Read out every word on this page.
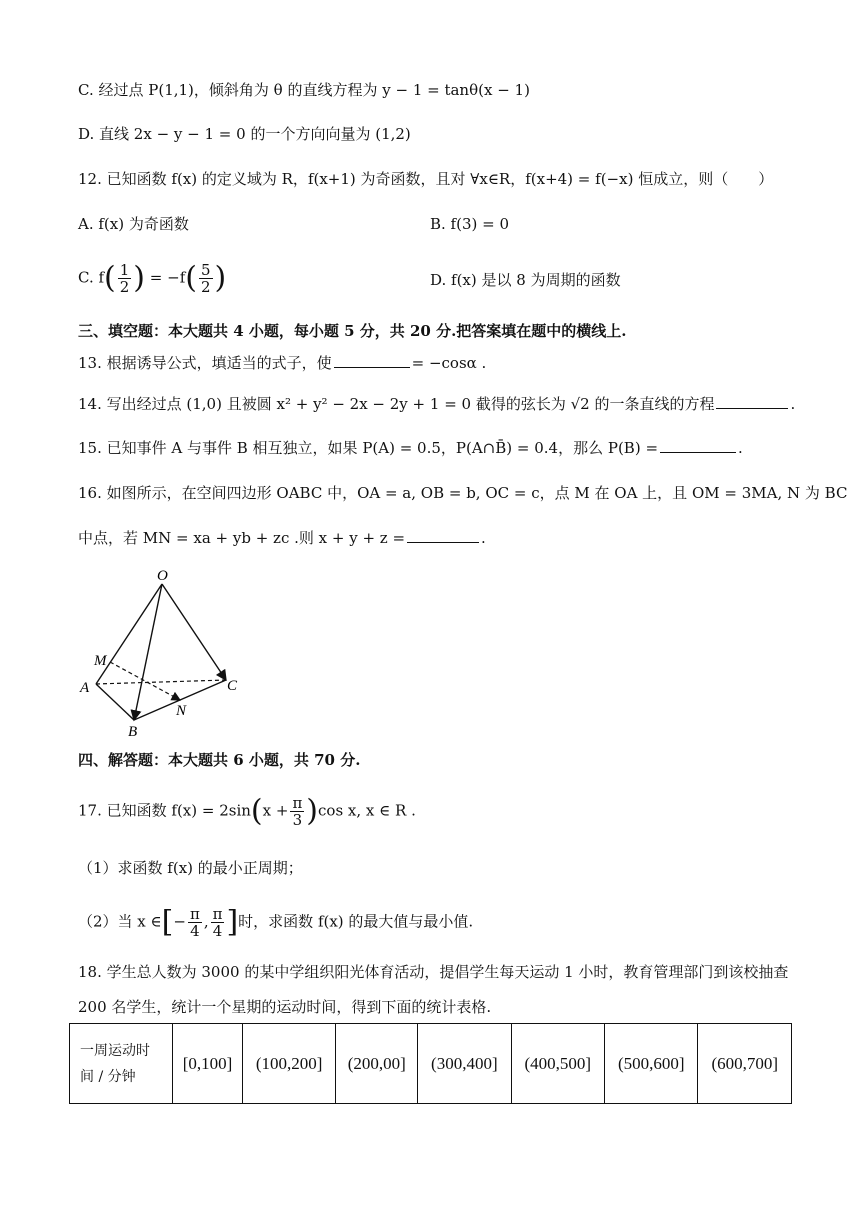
C. 经过点 P(1,1)，倾斜角为 θ 的直线方程为 y − 1 = tanθ(x − 1)
D. 直线 2x − y − 1 = 0 的一个方向向量为 (1,2)
12. 已知函数 f(x) 的定义域为 R，f(x+1) 为奇函数，且对 ∀x∈R，f(x+4) = f(−x) 恒成立，则（　　）
A. f(x) 为奇函数	B. f(3) = 0
C. $f( \frac{1}{2}$ ) = $-f( \frac{5}{2}$ )	D. f(x) 是以 8 为周期的函数
三、填空题：本大题共 4 小题，每小题 5 分，共 20 分.把答案填在题中的横线上.
13. 根据诱导公式，填适当的式子，使	= −cosα .
14. 写出经过点 (1,0) 且被圆 x² + y² − 2x − 2y + 1 = 0 截得的弦长为 √2 的一条直线的方程	.
15. 已知事件 A 与事件 B 相互独立，如果 P(A) = 0.5，P(A∩B̄) = 0.4，那么 P(B) =	.
16. 如图所示，在空间四边形 OABC 中，OA = a, OB = b, OC = c，点 M 在 OA 上，且 OM = 3MA, N 为 BC
中点，若 MN = xa + yb + zc .则 x + y + z =	.
O
M
A
B
C
N
四、解答题：本大题共 6 小题，共 70 分.
17. 已知函数 $f(x) = 2\sin(x + \frac{\pi}{3} )\cos$ x, x ∈ R .
（1）求函数 f(x) 的最小正周期；
（2）当 x ∈[− $\frac{\pi}{4}$ , $\frac{\pi}{4}$ ]时，求函数 f(x) 的最大值与最小值.
18. 学生总人数为 3000 的某中学组织阳光体育活动，提倡学生每天运动 1 小时，教育管理部门到该校抽查
200 名学生，统计一个星期的运动时间，得到下面的统计表格.
一周运动时
间 / 分钟	[0,100]	(100,200]	(200,00]	(300,400]	(400,500]	(500,600]	(600,700]
